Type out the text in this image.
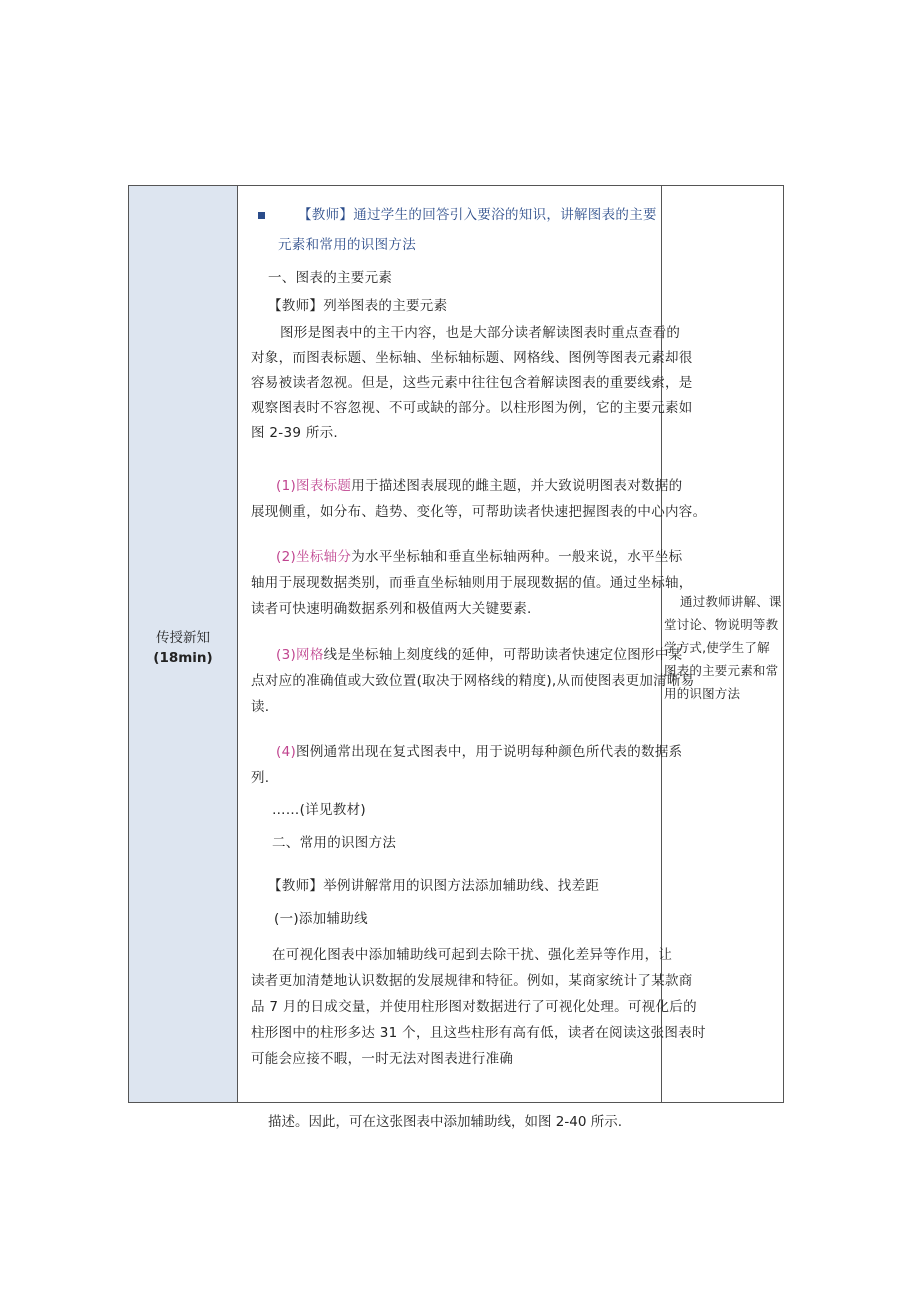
传授新知
(18min)
通过教师讲解、课堂讨论、物说明等教学方式,使学生了解图表的主要元素和常用的识图方法
【教师】通过学生的回答引入要浴的知识，讲解图表的主要
元素和常用的识图方法
一、图表的主要元素
【教师】列举图表的主要元素
图形是图表中的主干内容，也是大部分读者解读图表时重点查看的
对象，而图表标题、坐标轴、坐标轴标题、网格线、图例等图表元素却很
容易被读者忽视。但是，这些元素中往往包含着解读图表的重要线索，是
观察图表时不容忽视、不可或缺的部分。以柱形图为例，它的主要元素如
图 2-39 所示.
(1)图表标题用于描述图表展现的雌主题，并大致说明图表对数据的
展现侧重，如分布、趋势、变化等，可帮助读者快速把握图表的中心内容。
(2)坐标轴分为水平坐标轴和垂直坐标轴两种。一般来说，水平坐标
轴用于展现数据类别，而垂直坐标轴则用于展现数据的值。通过坐标轴，
读者可快速明确数据系列和极值两大关键要素.
(3)网格线是坐标轴上刻度线的延伸，可帮助读者快速定位图形中某
点对应的准确值或大致位置(取决于网格线的精度),从而使图表更加清晰易
读.
(4)图例通常出现在复式图表中，用于说明每种颜色所代表的数据系
列.
……(详见教材)
二、常用的识图方法
【教师】举例讲解常用的识图方法添加辅助线、找差距
(一)添加辅助线
在可视化图表中添加辅助线可起到去除干扰、强化差异等作用，让
读者更加清楚地认识数据的发展规律和特征。例如，某商家统计了某款商
品 7 月的日成交量，并使用柱形图对数据进行了可视化处理。可视化后的
柱形图中的柱形多达 31 个，且这些柱形有高有低，读者在阅读这张图表时
可能会应接不暇，一时无法对图表进行准确
描述。因此，可在这张图表中添加辅助线，如图 2-40 所示.
